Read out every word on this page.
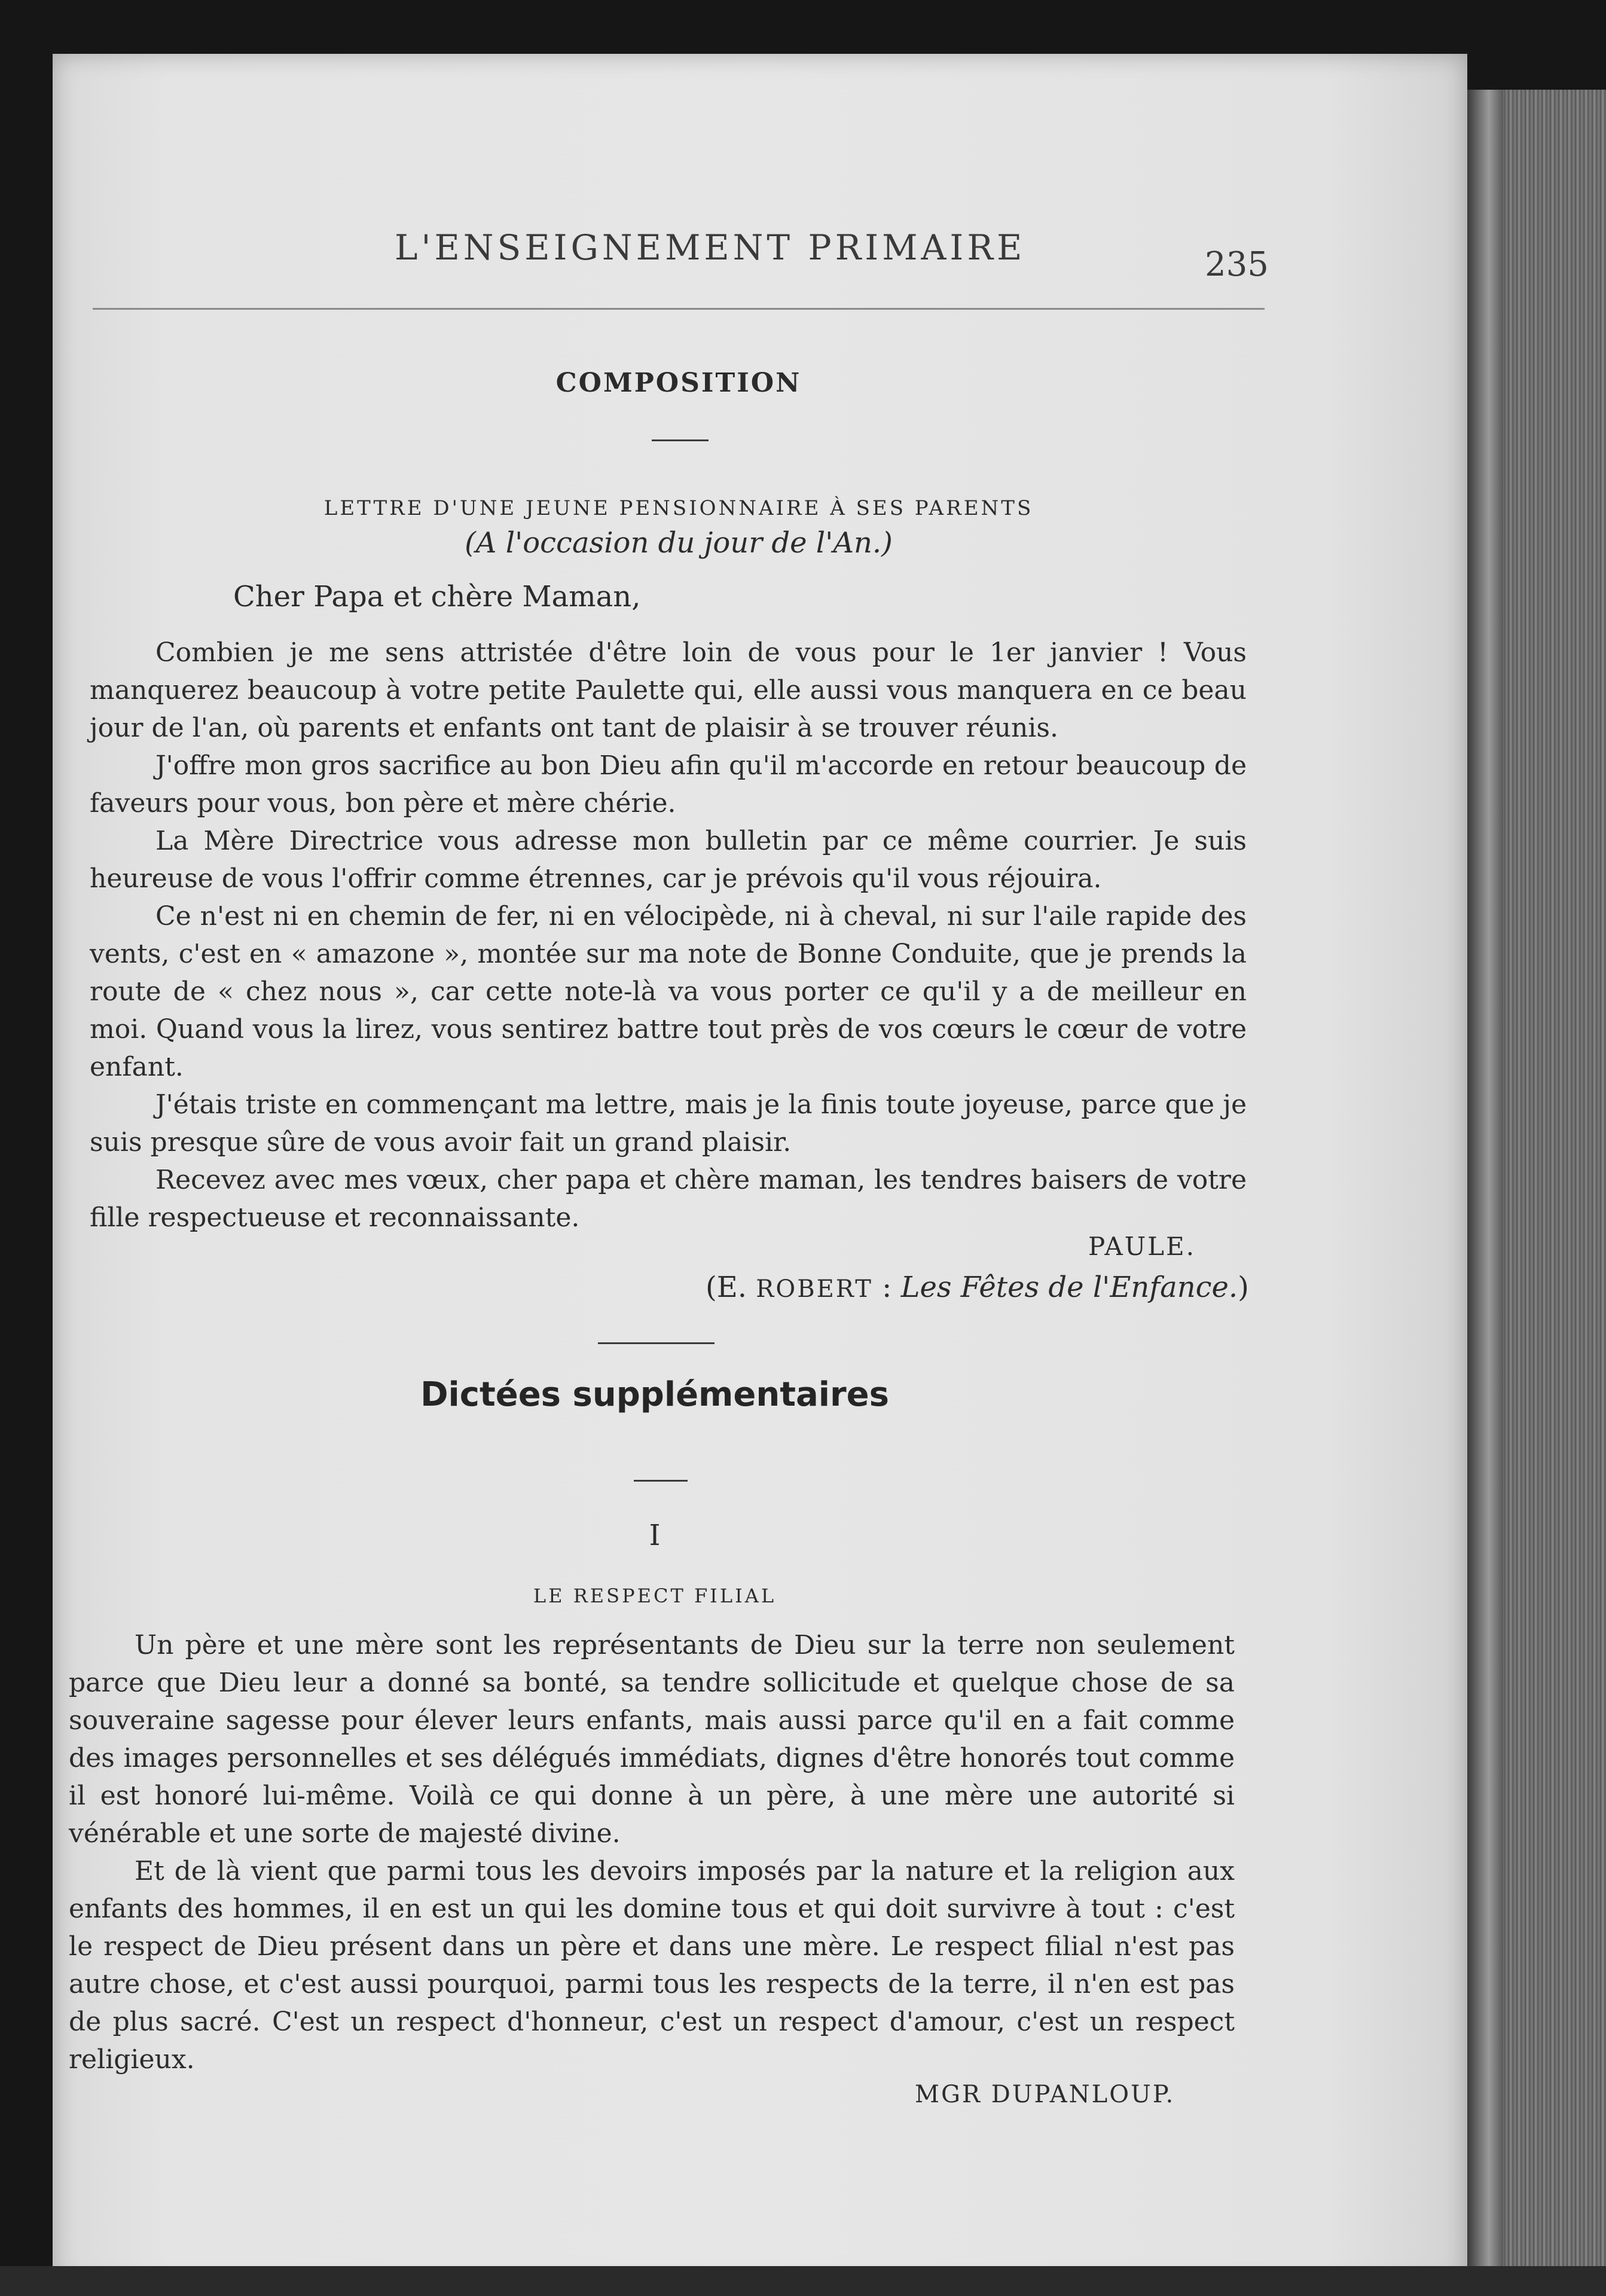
L'ENSEIGNEMENT PRIMAIRE	235
COMPOSITION
LETTRE D'UNE JEUNE PENSIONNAIRE À SES PARENTS
(A l'occasion du jour de l'An.)
Cher Papa et chère Maman,

Combien je me sens attristée d'être loin de vous pour le 1er janvier ! Vous manquerez beaucoup à votre petite Paulette qui, elle aussi vous manquera en ce beau jour de l'an, où parents et enfants ont tant de plaisir à se trouver réunis.

J'offre mon gros sacrifice au bon Dieu afin qu'il m'accorde en retour beaucoup de faveurs pour vous, bon père et mère chérie.

La Mère Directrice vous adresse mon bulletin par ce même courrier. Je suis heureuse de vous l'offrir comme étrennes, car je prévois qu'il vous réjouira.

Ce n'est ni en chemin de fer, ni en vélocipède, ni à cheval, ni sur l'aile rapide des vents, c'est en « amazone », montée sur ma note de Bonne Conduite, que je prends la route de « chez nous », car cette note-là va vous porter ce qu'il y a de meilleur en moi. Quand vous la lirez, vous sentirez battre tout près de vos cœurs le cœur de votre enfant.

J'étais triste en commençant ma lettre, mais je la finis toute joyeuse, parce que je suis presque sûre de vous avoir fait un grand plaisir.

Recevez avec mes vœux, cher papa et chère maman, les tendres baisers de votre fille respectueuse et reconnaissante.

PAULE.
(E. ROBERT : Les Fêtes de l'Enfance.)
Dictées supplémentaires
I
LE RESPECT FILIAL

Un père et une mère sont les représentants de Dieu sur la terre non seulement parce que Dieu leur a donné sa bonté, sa tendre sollicitude et quelque chose de sa souveraine sagesse pour élever leurs enfants, mais aussi parce qu'il en a fait comme des images personnelles et ses délégués immédiats, dignes d'être honorés tout comme il est honoré lui-même. Voilà ce qui donne à un père, à une mère une autorité si vénérable et une sorte de majesté divine.

Et de là vient que parmi tous les devoirs imposés par la nature et la religion aux enfants des hommes, il en est un qui les domine tous et qui doit survivre à tout : c'est le respect de Dieu présent dans un père et dans une mère. Le respect filial n'est pas autre chose, et c'est aussi pourquoi, parmi tous les respects de la terre, il n'en est pas de plus sacré. C'est un respect d'honneur, c'est un respect d'amour, c'est un respect religieux.

MGR DUPANLOUP.
